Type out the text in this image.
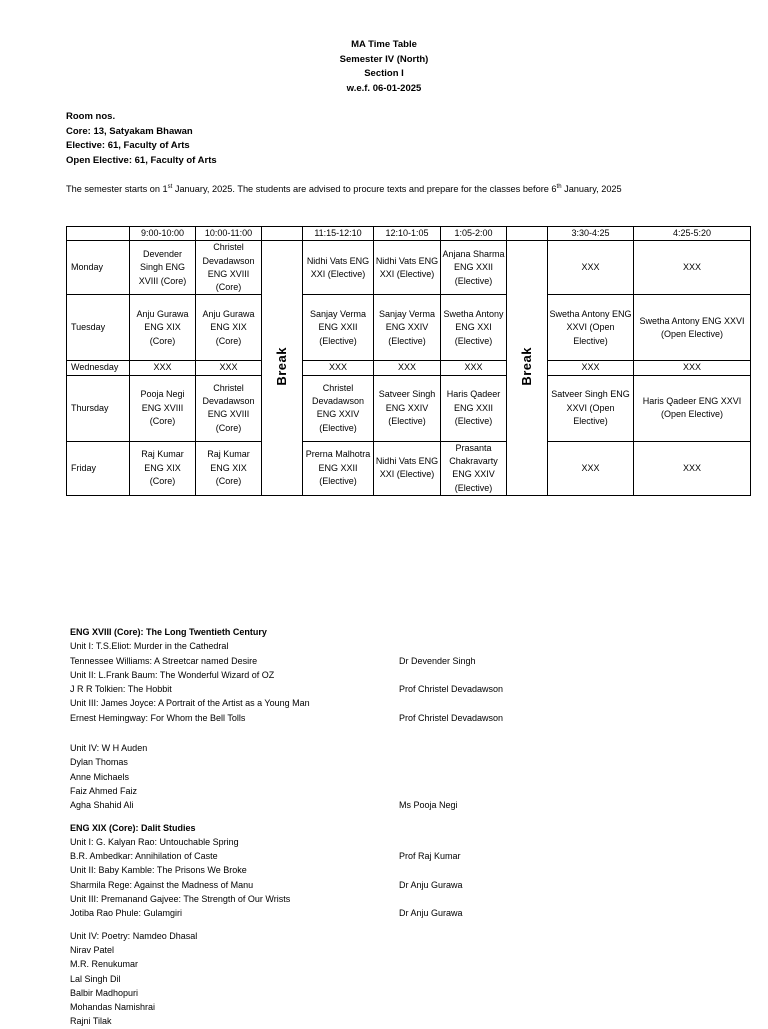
MA Time Table
Semester IV (North)
Section I
w.e.f. 06-01-2025
Room nos.
Core: 13, Satyakam Bhawan
Elective: 61, Faculty of Arts
Open Elective: 61, Faculty of Arts
The semester starts on 1st January, 2025. The students are advised to procure texts and prepare for the classes before 6th January, 2025
	9:00-10:00	10:00-11:00		11:15-12:10	12:10-1:05	1:05-2:00		3:30-4:25	4:25-5:20
Monday	Devender Singh ENG XVIII (Core)	Christel Devadawson ENG XVIII (Core)	Break	Nidhi Vats ENG XXI (Elective)	Nidhi Vats ENG XXI (Elective)	Anjana Sharma ENG XXII (Elective)	Break	XXX	XXX
Tuesday	Anju Gurawa ENG XIX (Core)	Anju Gurawa ENG XIX (Core)		Sanjay Verma ENG XXII (Elective)	Sanjay Verma ENG XXIV (Elective)	Swetha Antony ENG XXI (Elective)		Swetha Antony ENG XXVI (Open Elective)	Swetha Antony ENG XXVI (Open Elective)
Wednesday	XXX	XXX		XXX	XXX	XXX		XXX	XXX
Thursday	Pooja Negi ENG XVIII (Core)	Christel Devadawson ENG XVIII (Core)		Christel Devadawson ENG XXIV (Elective)	Satveer Singh ENG XXIV (Elective)	Haris Qadeer ENG XXII (Elective)		Satveer Singh ENG XXVI (Open Elective)	Haris Qadeer ENG XXVI (Open Elective)
Friday	Raj Kumar ENG XIX (Core)	Raj Kumar ENG XIX (Core)		Prerna Malhotra ENG XXII (Elective)	Nidhi Vats ENG XXI (Elective)	Prasanta Chakravarty ENG XXIV (Elective)		XXX	XXX
ENG XVIII (Core): The Long Twentieth Century
Unit I: T.S.Eliot: Murder in the Cathedral
Tennessee Williams: A Streetcar named Desire	Dr Devender Singh
Unit II: L.Frank Baum: The Wonderful Wizard of OZ
J R R Tolkien: The Hobbit	Prof Christel Devadawson
Unit III: James Joyce: A Portrait of the Artist as a Young Man
Ernest Hemingway: For Whom the Bell Tolls	Prof Christel Devadawson
Unit IV: W H Auden
Dylan Thomas
Anne Michaels
Faiz Ahmed Faiz
Agha Shahid Ali	Ms Pooja Negi
ENG XIX (Core): Dalit Studies
Unit I: G. Kalyan Rao: Untouchable Spring
B.R. Ambedkar: Annihilation of Caste	Prof Raj Kumar
Unit II: Baby Kamble: The Prisons We Broke
Sharmila Rege: Against the Madness of Manu	Dr Anju Gurawa
Unit III: Premanand Gajvee: The Strength of Our Wrists
Jotiba Rao Phule: Gulamgiri	Dr Anju Gurawa
Unit IV: Poetry: Namdeo Dhasal
Nirav Patel
M.R. Renukumar
Lal Singh Dil
Balbir Madhopuri
Mohandas Namishrai
Rajni Tilak
